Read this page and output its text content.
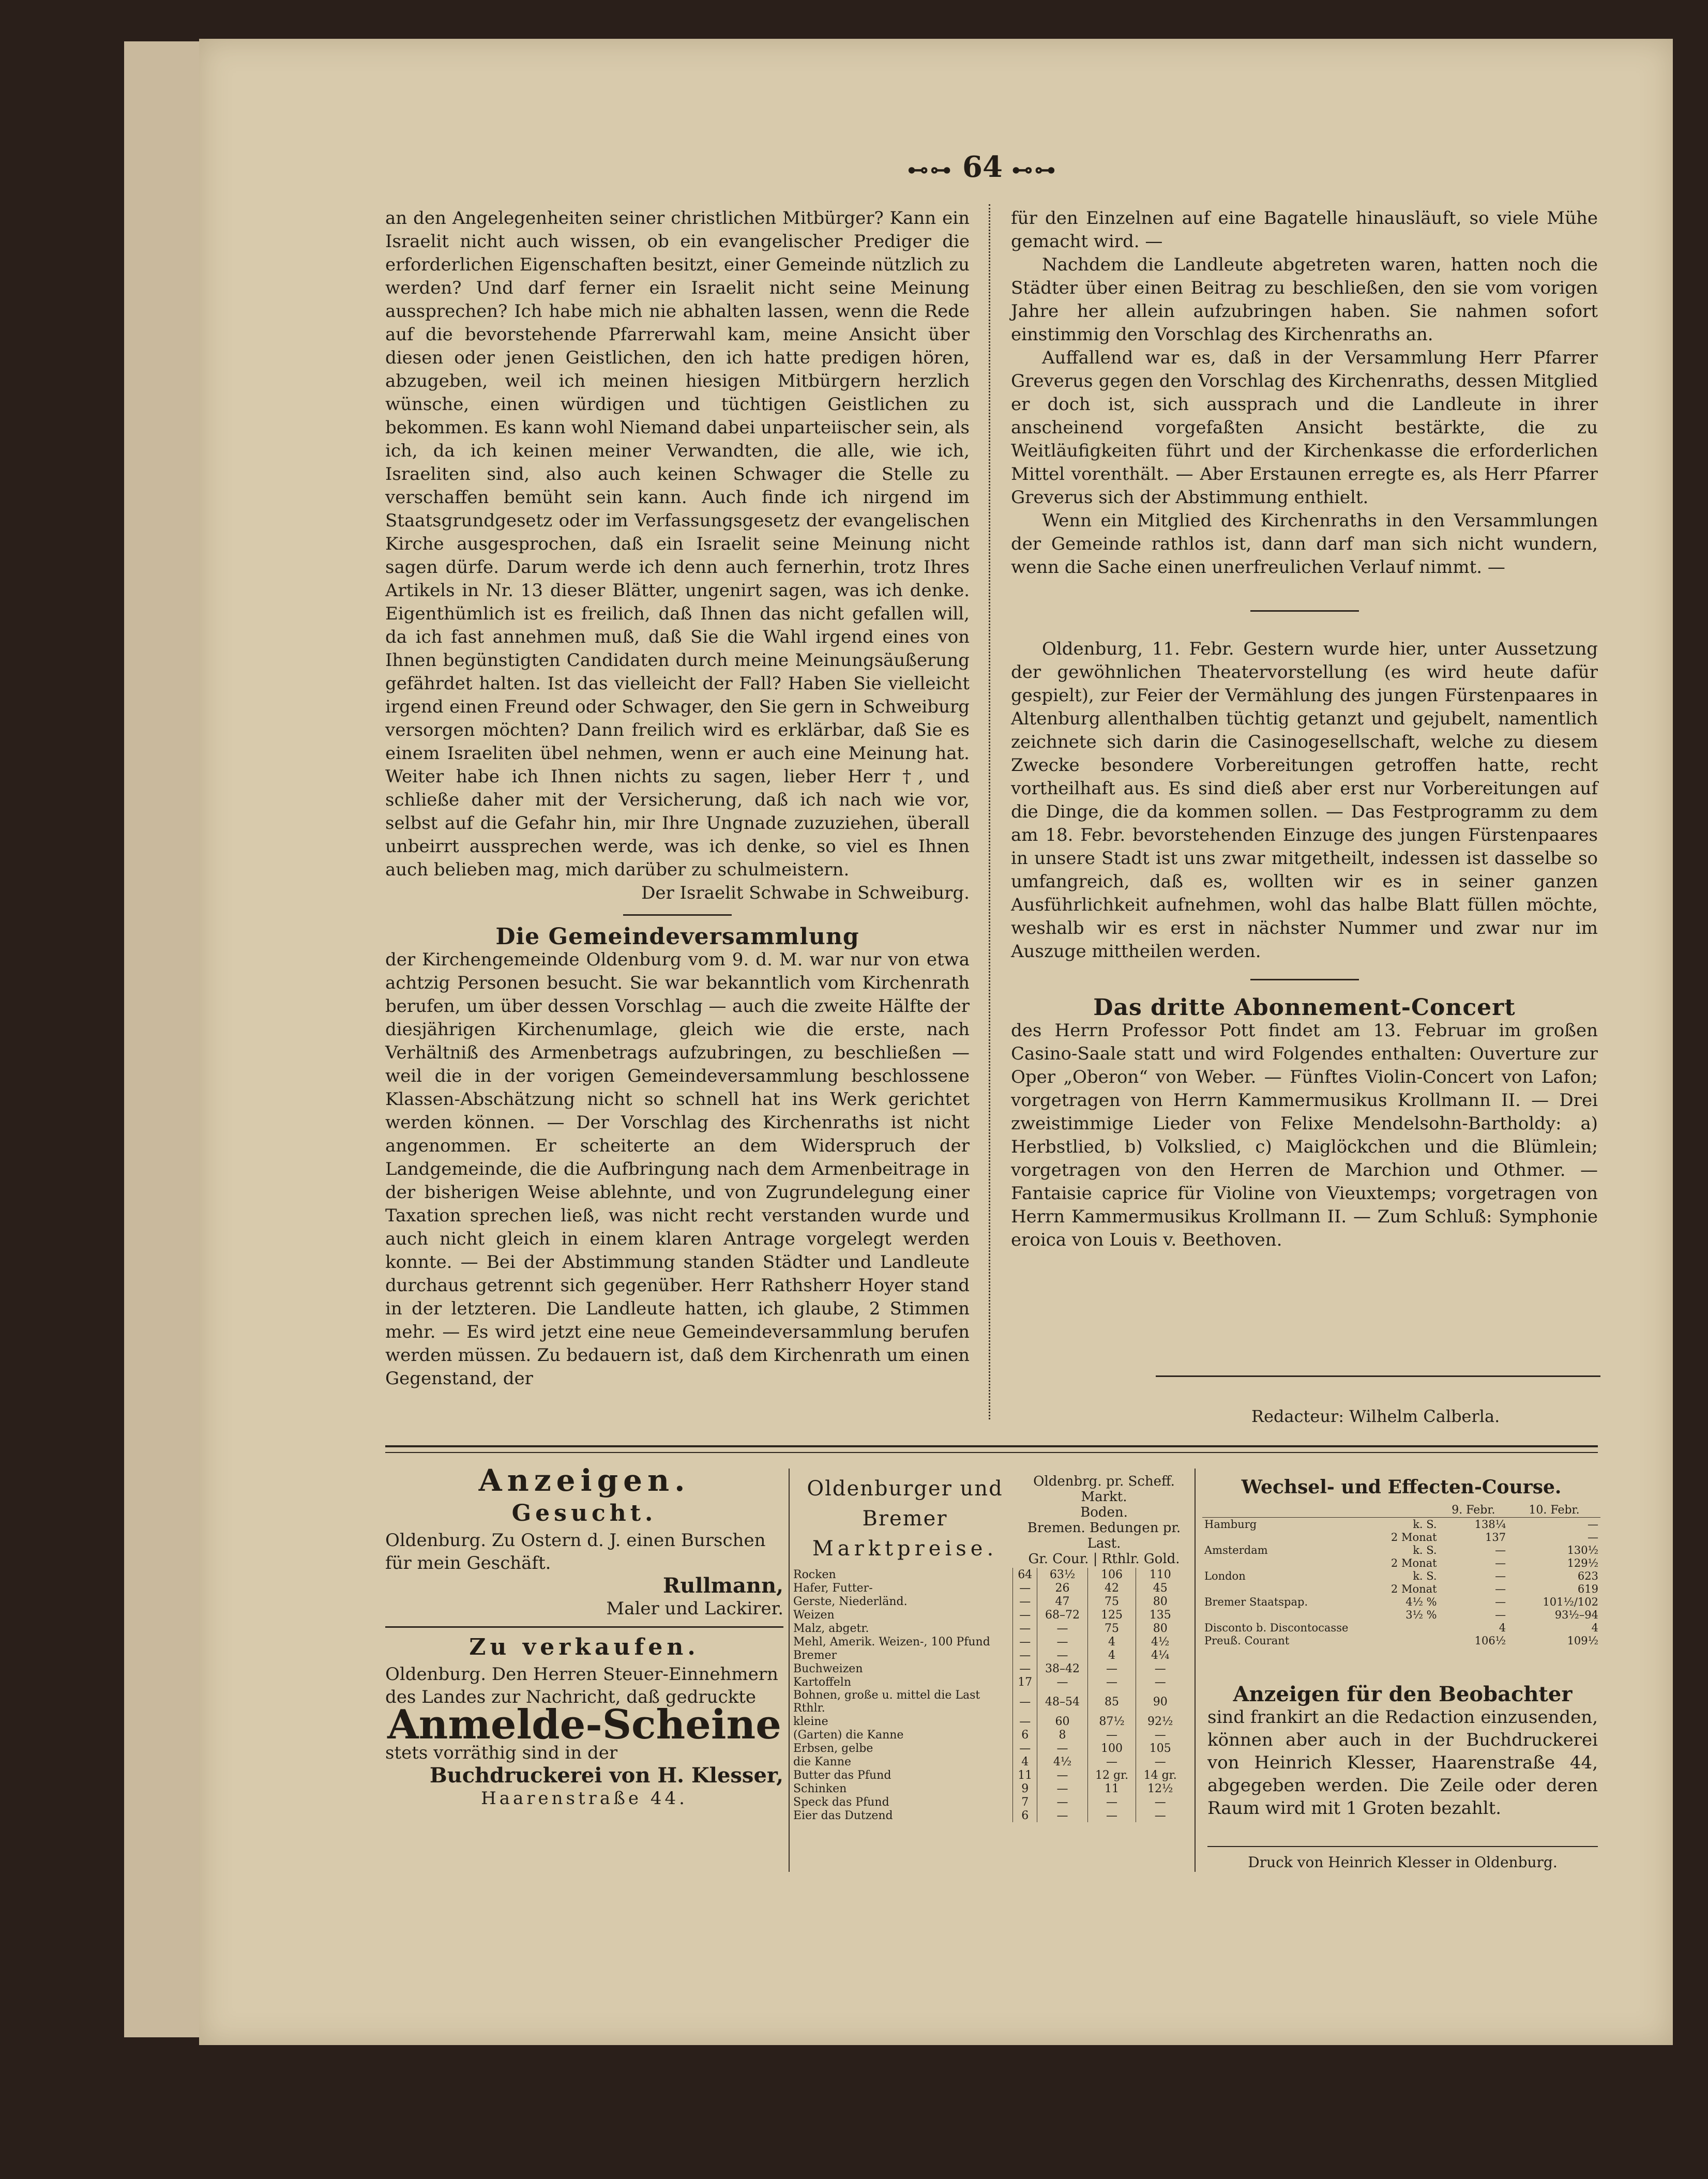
⊷⊶ 64 ⊷⊶

an den Angelegenheiten seiner christlichen Mitbürger? Kann ein Israelit nicht auch wissen, ob ein evangelischer Prediger die erforderlichen Eigenschaften besitzt, einer Gemeinde nützlich zu werden? Und darf ferner ein Israelit nicht seine Meinung aussprechen? Ich habe mich nie abhalten lassen, wenn die Rede auf die bevorstehende Pfarrerwahl kam, meine Ansicht über diesen oder jenen Geistlichen, den ich hatte predigen hören, abzugeben, weil ich meinen hiesigen Mitbürgern herzlich wünsche, einen würdigen und tüchtigen Geistlichen zu bekommen. Es kann wohl Niemand dabei unparteiischer sein, als ich, da ich keinen meiner Verwandten, die alle, wie ich, Israeliten sind, also auch keinen Schwager die Stelle zu verschaffen bemüht sein kann. Auch finde ich nirgend im Staatsgrundgesetz oder im Verfassungsgesetz der evangelischen Kirche ausgesprochen, daß ein Israelit seine Meinung nicht sagen dürfe. Darum werde ich denn auch fernerhin, trotz Ihres Artikels in Nr. 13 dieser Blätter, ungenirt sagen, was ich denke. Eigenthümlich ist es freilich, daß Ihnen das nicht gefallen will, da ich fast annehmen muß, daß Sie die Wahl irgend eines von Ihnen begünstigten Candidaten durch meine Meinungsäußerung gefährdet halten. Ist das vielleicht der Fall? Haben Sie vielleicht irgend einen Freund oder Schwager, den Sie gern in Schweiburg versorgen möchten? Dann freilich wird es erklärbar, daß Sie es einem Israeliten übel nehmen, wenn er auch eine Meinung hat. Weiter habe ich Ihnen nichts zu sagen, lieber Herr †, und schließe daher mit der Versicherung, daß ich nach wie vor, selbst auf die Gefahr hin, mir Ihre Ungnade zuzuziehen, überall unbeirrt aussprechen werde, was ich denke, so viel es Ihnen auch belieben mag, mich darüber zu schulmeistern.

Der Israelit Schwabe in Schweiburg.

Die Gemeindeversammlung

der Kirchengemeinde Oldenburg vom 9. d. M. war nur von etwa achtzig Personen besucht. Sie war bekanntlich vom Kirchenrath berufen, um über dessen Vorschlag — auch die zweite Hälfte der diesjährigen Kirchenumlage, gleich wie die erste, nach Verhältniß des Armenbetrags aufzubringen, zu beschließen — weil die in der vorigen Gemeindeversammlung beschlossene Klassen-Abschätzung nicht so schnell hat ins Werk gerichtet werden können. — Der Vorschlag des Kirchenraths ist nicht angenommen. Er scheiterte an dem Widerspruch der Landgemeinde, die die Aufbringung nach dem Armenbeitrage in der bisherigen Weise ablehnte, und von Zugrundelegung einer Taxation sprechen ließ, was nicht recht verstanden wurde und auch nicht gleich in einem klaren Antrage vorgelegt werden konnte. — Bei der Abstimmung standen Städter und Landleute durchaus getrennt sich gegenüber. Herr Rathsherr Hoyer stand in der letzteren. Die Landleute hatten, ich glaube, 2 Stimmen mehr. — Es wird jetzt eine neue Gemeindeversammlung berufen werden müssen. Zu bedauern ist, daß dem Kirchenrath um einen Gegenstand, der

für den Einzelnen auf eine Bagatelle hinausläuft, so viele Mühe gemacht wird. —

Nachdem die Landleute abgetreten waren, hatten noch die Städter über einen Beitrag zu beschließen, den sie vom vorigen Jahre her allein aufzubringen haben. Sie nahmen sofort einstimmig den Vorschlag des Kirchenraths an.

Auffallend war es, daß in der Versammlung Herr Pfarrer Greverus gegen den Vorschlag des Kirchenraths, dessen Mitglied er doch ist, sich aussprach und die Landleute in ihrer anscheinend vorgefaßten Ansicht bestärkte, die zu Weitläufigkeiten führt und der Kirchenkasse die erforderlichen Mittel vorenthält. — Aber Erstaunen erregte es, als Herr Pfarrer Greverus sich der Abstimmung enthielt.

Wenn ein Mitglied des Kirchenraths in den Versammlungen der Gemeinde rathlos ist, dann darf man sich nicht wundern, wenn die Sache einen unerfreulichen Verlauf nimmt. —

Oldenburg, 11. Febr. Gestern wurde hier, unter Aussetzung der gewöhnlichen Theatervorstellung (es wird heute dafür gespielt), zur Feier der Vermählung des jungen Fürstenpaares in Altenburg allenthalben tüchtig getanzt und gejubelt, namentlich zeichnete sich darin die Casinogesellschaft, welche zu diesem Zwecke besondere Vorbereitungen getroffen hatte, recht vortheilhaft aus. Es sind dieß aber erst nur Vorbereitungen auf die Dinge, die da kommen sollen. — Das Festprogramm zu dem am 18. Febr. bevorstehenden Einzuge des jungen Fürstenpaares in unsere Stadt ist uns zwar mitgetheilt, indessen ist dasselbe so umfangreich, daß es, wollten wir es in seiner ganzen Ausführlichkeit aufnehmen, wohl das halbe Blatt füllen möchte, weshalb wir es erst in nächster Nummer und zwar nur im Auszuge mittheilen werden.

Das dritte Abonnement-Concert

des Herrn Professor Pott findet am 13. Februar im großen Casino-Saale statt und wird Folgendes enthalten: Ouverture zur Oper „Oberon“ von Weber. — Fünftes Violin-Concert von Lafon; vorgetragen von Herrn Kammermusikus Krollmann II. — Drei zweistimmige Lieder von Felixe Mendelsohn-Bartholdy: a) Herbstlied, b) Volkslied, c) Maiglöckchen und die Blümlein; vorgetragen von den Herren de Marchion und Othmer. — Fantaisie caprice für Violine von Vieuxtemps; vorgetragen von Herrn Kammermusikus Krollmann II. — Zum Schluß: Symphonie eroica von Louis v. Beethoven.

Redacteur: Wilhelm Calberla.
Anzeigen.
Gesucht.
Oldenburg. Zu Ostern d. J. einen Burschen für mein Geschäft.
Rullmann,
Maler und Lackirer.
Zu verkaufen.
Oldenburg. Den Herren Steuer-Einnehmern des Landes zur Nachricht, daß gedruckte
Anmelde-Scheine
stets vorräthig sind in der
Buchdruckerei von H. Klesser,
Haarenstraße 44.
Oldenburger und
Bremer
Marktpreise.
Rocken	64	63½	106	110
Hafer, Futter-	—	26	42	45
Gerste, Niederländ.	—	47	75	80
Weizen	—	68–72	125	135
Malz, abgetr.	—	—	75	80
Mehl, Amerik. Weizen-, 100 Pfund	—	—	4	4½
Bremer	—	—	4	4¼
Buchweizen	—	38–42	—	—
Kartoffeln	17	—	—	—
Bohnen, große u. mittel die Last Rthlr.	—	48–54	85	90
kleine	—	60	87½	92½
(Garten) die Kanne	6	8	—	—
Erbsen, gelbe	—	—	100	105
die Kanne	4	4½	—	—
Butter das Pfund	11	—	12 gr.	14 gr.
Schinken	9	—	11	12½
Speck das Pfund	7	—	—	—
Eier das Dutzend	6	—	—	—
Oldenbrg. pr. Scheff.
Markt.
Boden.
Bremen. Bedungen pr. Last.
Gr. Cour. | Rthlr. Gold.
Wechsel- und Effecten-Course.
		9. Febr.	10. Febr.
Hamburg	k. S.	138¼	—
	2 Monat	137	—
Amsterdam	k. S.	—	130½
	2 Monat	—	129½
London	k. S.	—	623
	2 Monat	—	619
Bremer Staatspap.	4½ %	—	101½/102
	3½ %	—	93½–94
Disconto b. Discontocasse		4	4
Preuß. Courant		106½	109½
Anzeigen für den Beobachter
sind frankirt an die Redaction einzusenden, können aber auch in der Buchdruckerei von Heinrich Klesser, Haarenstraße 44, abgegeben werden. Die Zeile oder deren Raum wird mit 1 Groten bezahlt.
Druck von Heinrich Klesser in Oldenburg.
